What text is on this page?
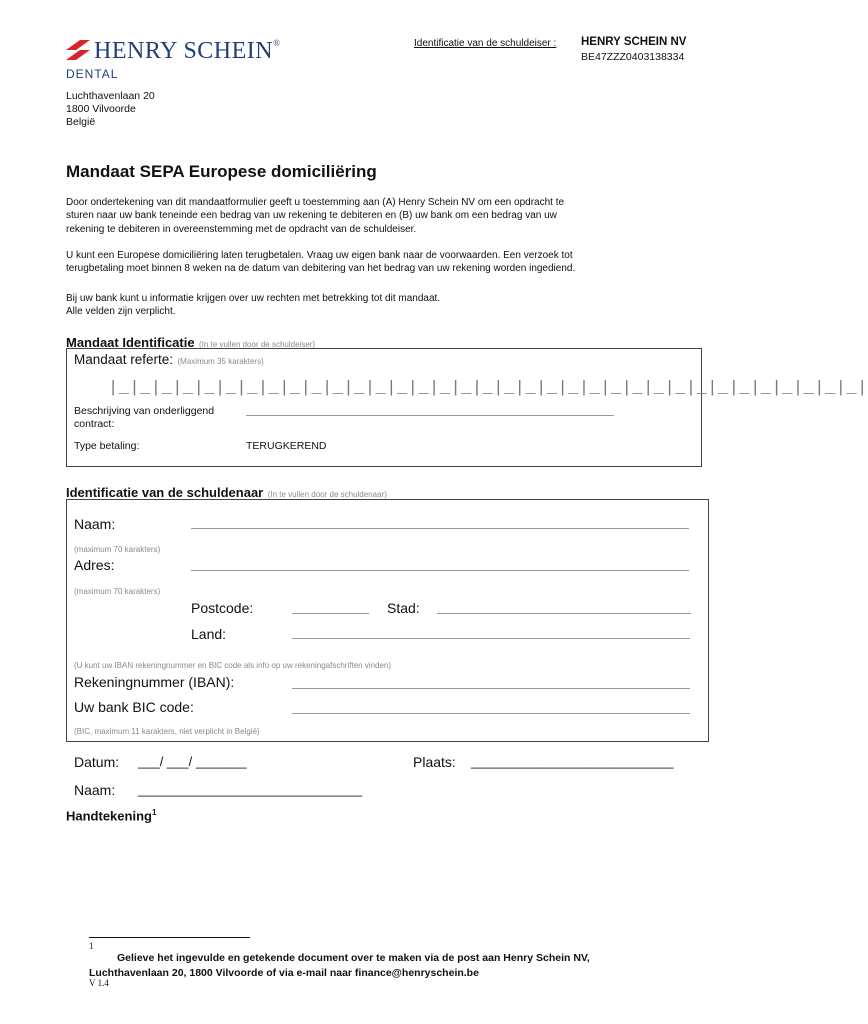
Identificatie van de schuldeiser : HENRY SCHEIN NV
BE47ZZZ0403138334
HENRY SCHEIN®
DENTAL
Luchthavenlaan 20
1800 Vilvoorde
België
Mandaat SEPA Europese domiciliëring
Door ondertekening van dit mandaatformulier geeft u toestemming aan (A) Henry Schein NV om een opdracht te
sturen naar uw bank teneinde een bedrag van uw rekening te debiteren en (B) uw bank om een bedrag van uw
rekening te debiteren in overeenstemming met de opdracht van de schuldeiser.
U kunt een Europese domiciliëring laten terugbetalen. Vraag uw eigen bank naar de voorwaarden. Een verzoek tot
terugbetaling moet binnen 8 weken na de datum van debitering van het bedrag van uw rekening worden ingediend.
Bij uw bank kunt u informatie krijgen over uw rechten met betrekking tot dit mandaat.
Alle velden zijn verplicht.
Mandaat Identificatie (In te vullen door de schuldeiser)
Mandaat referte: (Maximum 35 karakters)
|_|_|_|_|_|_|_|_|_|_|_|_|_|_|_|_|_|_|_|_|_|_|_|_|_|_|_|_|_|_|_|_|_|_|_|
Beschrijving van onderliggend
contract:
Type betaling:	TERUGKEREND
Identificatie van de schuldenaar (In te vullen door de schuldenaar)
Naam:
(maximum 70 karakters)
Adres:
(maximum 70 karakters)
Postcode:	Stad:
Land:
(U kunt uw IBAN rekeningnummer en BIC code als info op uw rekeningafschriften vinden)
Rekeningnummer (IBAN):
Uw bank BIC code:
(BIC, maximum 11 karakters, niet verplicht in België)
Datum: ___/ ___/ _______	Plaats: ____________________________
Naam: _______________________________
Handtekening$^1$
1
Gelieve het ingevulde en getekende document over te maken via de post aan Henry Schein NV,
Luchthavenlaan 20, 1800 Vilvoorde of via e-mail naar finance@henryschein.be
V 1.4
